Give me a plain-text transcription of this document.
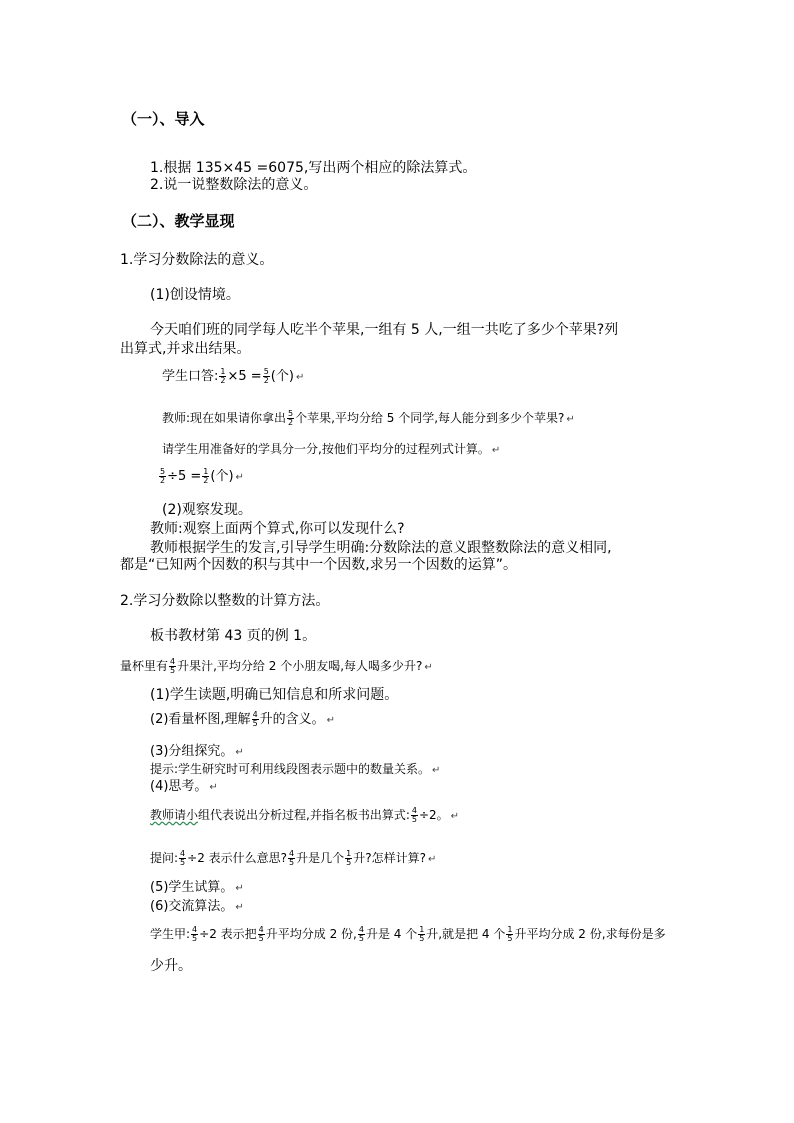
（一）、导入
1.根据 135×45 =6075,写出两个相应的除法算式。
2.说一说整数除法的意义。
（二）、教学显现
1.学习分数除法的意义。
(1)创设情境。
今天咱们班的同学每人吃半个苹果,一组有 5 人,一组一共吃了多少个苹果?列
出算式,并求出结果。
学生口答: $\frac{1}{2} \times 5 = \frac{5}{2}$ (个) ↵
教师:现在如果请你拿出 $\frac{5}{2}$ 个苹果,平均分给 5 个同学,每人能分到多少个苹果? ↵
请学生用准备好的学具分一分,按他们平均分的过程列式计算。 ↵
$\frac{5}{2} \div 5 = \frac{1}{2}$ (个) ↵
(2)观察发现。
教师:观察上面两个算式,你可以发现什么?
教师根据学生的发言,引导学生明确:分数除法的意义跟整数除法的意义相同,
都是“已知两个因数的积与其中一个因数,求另一个因数的运算”。
2.学习分数除以整数的计算方法。
板书教材第 43 页的例 1。
量杯里有 $\frac{4}{5}$ 升果汁,平均分给 2 个小朋友喝,每人喝多少升? ↵
(1)学生读题,明确已知信息和所求问题。
(2)看量杯图,理解 $\frac{4}{5}$ 升的含义。 ↵
(3)分组探究。 ↵
提示:学生研究时可利用线段图表示题中的数量关系。 ↵
(4)思考。 ↵
教师请小组代表说出分析过程,并指名板书出算式: $\frac{4}{5} \div 2$。 ↵
提问: $\frac{4}{5} \div 2$ 表示什么意思? $\frac{4}{5}$ 升是几个 $\frac{1}{5}$ 升?怎样计算? ↵
(5)学生试算。 ↵
(6)交流算法。 ↵
学生甲: $\frac{4}{5} \div 2$ 表示把 $\frac{4}{5}$ 升平均分成 2 份, $\frac{4}{5}$ 升是 4 个 $\frac{1}{5}$ 升,就是把 4 个 $\frac{1}{5}$ 升平均分成 2 份,求每份是多
少升。
